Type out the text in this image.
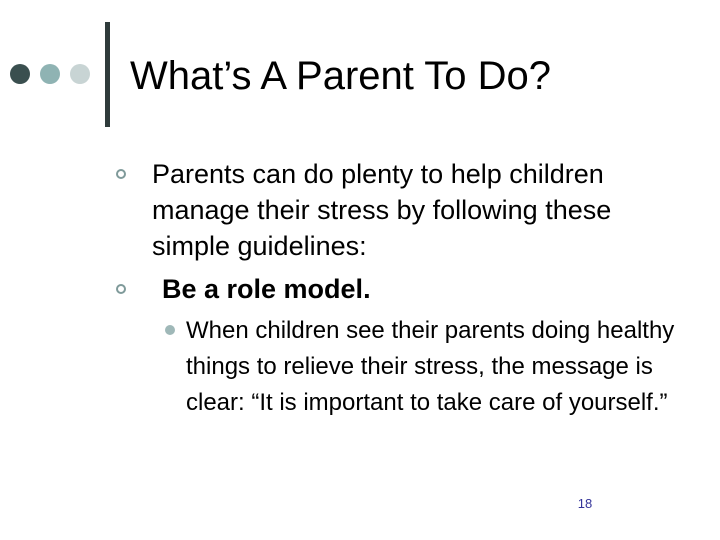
What’s A Parent To Do?
Parents can do plenty to help children manage their stress by following these simple guidelines:
Be a role model.
When children see their parents doing healthy things to relieve their stress, the message is clear: “It is important to take care of yourself.”
18
